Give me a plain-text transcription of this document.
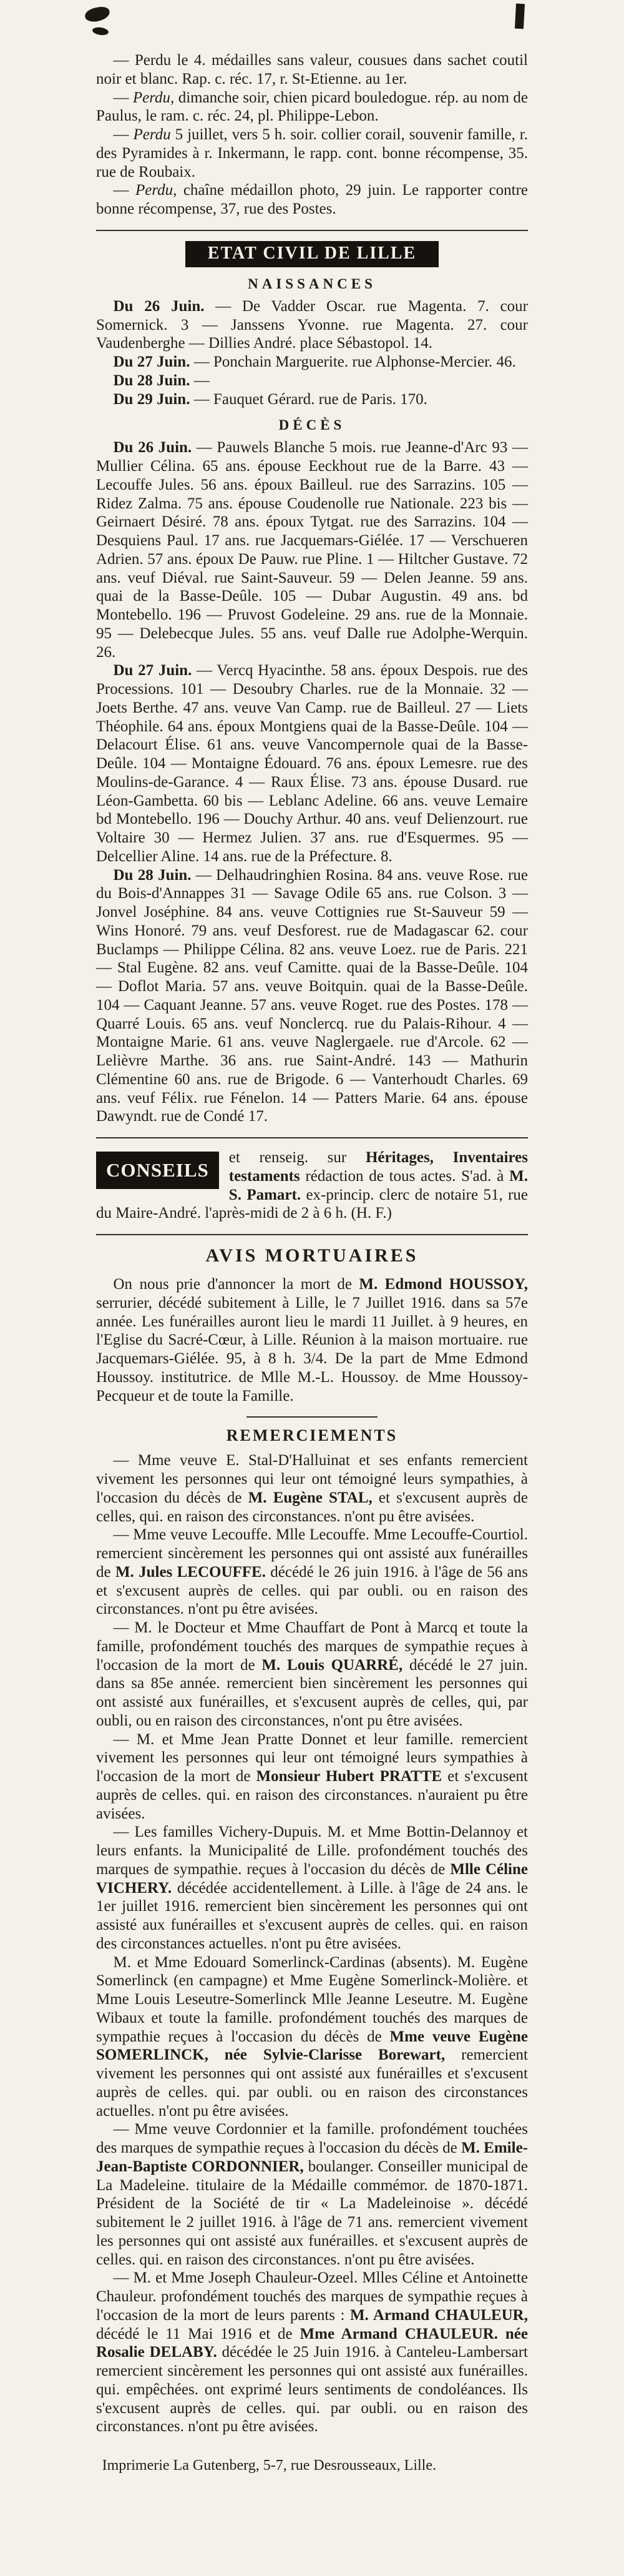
— Perdu le 4. médailles sans valeur, cousues dans sachet coutil noir et blanc. Rap. c. réc. 17, r. St-Etienne. au 1er.

— Perdu, dimanche soir, chien picard bouledogue. rép. au nom de Paulus, le ram. c. réc. 24, pl. Philippe-Lebon.

— Perdu 5 juillet, vers 5 h. soir. collier corail, souvenir famille, r. des Pyramides à r. Inkermann, le rapp. cont. bonne récompense, 35. rue de Roubaix.

— Perdu, chaîne médaillon photo, 29 juin. Le rapporter contre bonne récompense, 37, rue des Postes.

ETAT CIVIL DE LILLE
NAISSANCES

Du 26 Juin. — De Vadder Oscar. rue Magenta. 7. cour Somernick. 3 — Janssens Yvonne. rue Magenta. 27. cour Vaudenberghe — Dillies André. place Sébastopol. 14.

Du 27 Juin. — Ponchain Marguerite. rue Alphonse-Mercier. 46.

Du 28 Juin. —

Du 29 Juin. — Fauquet Gérard. rue de Paris. 170.

DÉCÈS

Du 26 Juin. — Pauwels Blanche 5 mois. rue Jeanne-d'Arc 93 — Mullier Célina. 65 ans. épouse Eeckhout rue de la Barre. 43 — Lecouffe Jules. 56 ans. époux Bailleul. rue des Sarrazins. 105 — Ridez Zalma. 75 ans. épouse Coudenolle rue Nationale. 223 bis — Geirnaert Désiré. 78 ans. époux Tytgat. rue des Sarrazins. 104 — Desquiens Paul. 17 ans. rue Jacquemars-Giélée. 17 — Verschueren Adrien. 57 ans. époux De Pauw. rue Pline. 1 — Hiltcher Gustave. 72 ans. veuf Diéval. rue Saint-Sauveur. 59 — Delen Jeanne. 59 ans. quai de la Basse-Deûle. 105 — Dubar Augustin. 49 ans. bd Montebello. 196 — Pruvost Godeleine. 29 ans. rue de la Monnaie. 95 — Delebecque Jules. 55 ans. veuf Dalle rue Adolphe-Werquin. 26.

Du 27 Juin. — Vercq Hyacinthe. 58 ans. époux Despois. rue des Processions. 101 — Desoubry Charles. rue de la Monnaie. 32 — Joets Berthe. 47 ans. veuve Van Camp. rue de Bailleul. 27 — Liets Théophile. 64 ans. époux Montgiens quai de la Basse-Deûle. 104 — Delacourt Élise. 61 ans. veuve Vancompernole quai de la Basse-Deûle. 104 — Montaigne Édouard. 76 ans. époux Lemesre. rue des Moulins-de-Garance. 4 — Raux Élise. 73 ans. épouse Dusard. rue Léon-Gambetta. 60 bis — Leblanc Adeline. 66 ans. veuve Lemaire bd Montebello. 196 — Douchy Arthur. 40 ans. veuf Delienzourt. rue Voltaire 30 — Hermez Julien. 37 ans. rue d'Esquermes. 95 — Delcellier Aline. 14 ans. rue de la Préfecture. 8.

Du 28 Juin. — Delhaudringhien Rosina. 84 ans. veuve Rose. rue du Bois-d'Annappes 31 — Savage Odile 65 ans. rue Colson. 3 — Jonvel Joséphine. 84 ans. veuve Cottignies rue St-Sauveur 59 — Wins Honoré. 79 ans. veuf Desforest. rue de Madagascar 62. cour Buclamps — Philippe Célina. 82 ans. veuve Loez. rue de Paris. 221 — Stal Eugène. 82 ans. veuf Camitte. quai de la Basse-Deûle. 104 — Doflot Maria. 57 ans. veuve Boitquin. quai de la Basse-Deûle. 104 — Caquant Jeanne. 57 ans. veuve Roget. rue des Postes. 178 — Quarré Louis. 65 ans. veuf Nonclercq. rue du Palais-Rihour. 4 — Montaigne Marie. 61 ans. veuve Naglergaele. rue d'Arcole. 62 — Lelièvre Marthe. 36 ans. rue Saint-André. 143 — Mathurin Clémentine 60 ans. rue de Brigode. 6 — Vanterhoudt Charles. 69 ans. veuf Félix. rue Fénelon. 14 — Patters Marie. 64 ans. épouse Dawyndt. rue de Condé 17.

CONSEILS

et renseig. sur Héritages, Inventaires testaments rédaction de tous actes. S'ad. à M. S. Pamart. ex-princip. clerc de notaire 51, rue du Maire-André. l'après-midi de 2 à 6 h. (H. F.)

AVIS MORTUAIRES

On nous prie d'annoncer la mort de M. Edmond HOUSSOY, serrurier, décédé subitement à Lille, le 7 Juillet 1916. dans sa 57e année. Les funérailles auront lieu le mardi 11 Juillet. à 9 heures, en l'Eglise du Sacré-Cœur, à Lille. Réunion à la maison mortuaire. rue Jacquemars-Giélée. 95, à 8 h. 3/4. De la part de Mme Edmond Houssoy. institutrice. de Mlle M.-L. Houssoy. de Mme Houssoy-Pecqueur et de toute la Famille.

REMERCIEMENTS

— Mme veuve E. Stal-D'Halluinat et ses enfants remercient vivement les personnes qui leur ont témoigné leurs sympathies, à l'occasion du décès de M. Eugène STAL, et s'excusent auprès de celles, qui. en raison des circonstances. n'ont pu être avisées.

— Mme veuve Lecouffe. Mlle Lecouffe. Mme Lecouffe-Courtiol. remercient sincèrement les personnes qui ont assisté aux funérailles de M. Jules LECOUFFE. décédé le 26 juin 1916. à l'âge de 56 ans et s'excusent auprès de celles. qui par oubli. ou en raison des circonstances. n'ont pu être avisées.

— M. le Docteur et Mme Chauffart de Pont à Marcq et toute la famille, profondément touchés des marques de sympathie reçues à l'occasion de la mort de M. Louis QUARRÉ, décédé le 27 juin. dans sa 85e année. remercient bien sincèrement les personnes qui ont assisté aux funérailles, et s'excusent auprès de celles, qui, par oubli, ou en raison des circonstances, n'ont pu être avisées.

— M. et Mme Jean Pratte Donnet et leur famille. remercient vivement les personnes qui leur ont témoigné leurs sympathies à l'occasion de la mort de Monsieur Hubert PRATTE et s'excusent auprès de celles. qui. en raison des circonstances. n'auraient pu être avisées.

— Les familles Vichery-Dupuis. M. et Mme Bottin-Delannoy et leurs enfants. la Municipalité de Lille. profondément touchés des marques de sympathie. reçues à l'occasion du décès de Mlle Céline VICHERY. décédée accidentellement. à Lille. à l'âge de 24 ans. le 1er juillet 1916. remercient bien sincèrement les personnes qui ont assisté aux funérailles et s'excusent auprès de celles. qui. en raison des circonstances actuelles. n'ont pu être avisées.

M. et Mme Edouard Somerlinck-Cardinas (absents). M. Eugène Somerlinck (en campagne) et Mme Eugène Somerlinck-Molière. et Mme Louis Leseutre-Somerlinck Mlle Jeanne Leseutre. M. Eugène Wibaux et toute la famille. profondément touchés des marques de sympathie reçues à l'occasion du décès de Mme veuve Eugène SOMERLINCK, née Sylvie-Clarisse Borewart, remercient vivement les personnes qui ont assisté aux funérailles et s'excusent auprès de celles. qui. par oubli. ou en raison des circonstances actuelles. n'ont pu être avisées.

— Mme veuve Cordonnier et la famille. profondément touchées des marques de sympathie reçues à l'occasion du décès de M. Emile-Jean-Baptiste CORDONNIER, boulanger. Conseiller municipal de La Madeleine. titulaire de la Médaille commémor. de 1870-1871. Président de la Société de tir « La Madeleinoise ». décédé subitement le 2 juillet 1916. à l'âge de 71 ans. remercient vivement les personnes qui ont assisté aux funérailles. et s'excusent auprès de celles. qui. en raison des circonstances. n'ont pu être avisées.

— M. et Mme Joseph Chauleur-Ozeel. Mlles Céline et Antoinette Chauleur. profondément touchés des marques de sympathie reçues à l'occasion de la mort de leurs parents : M. Armand CHAULEUR, décédé le 11 Mai 1916 et de Mme Armand CHAULEUR. née Rosalie DELABY. décédée le 25 Juin 1916. à Canteleu-Lambersart remercient sincèrement les personnes qui ont assisté aux funérailles. qui. empêchées. ont exprimé leurs sentiments de condoléances. Ils s'excusent auprès de celles. qui. par oubli. ou en raison des circonstances. n'ont pu être avisées.

Imprimerie La Gutenberg, 5-7, rue Desrousseaux, Lille.
